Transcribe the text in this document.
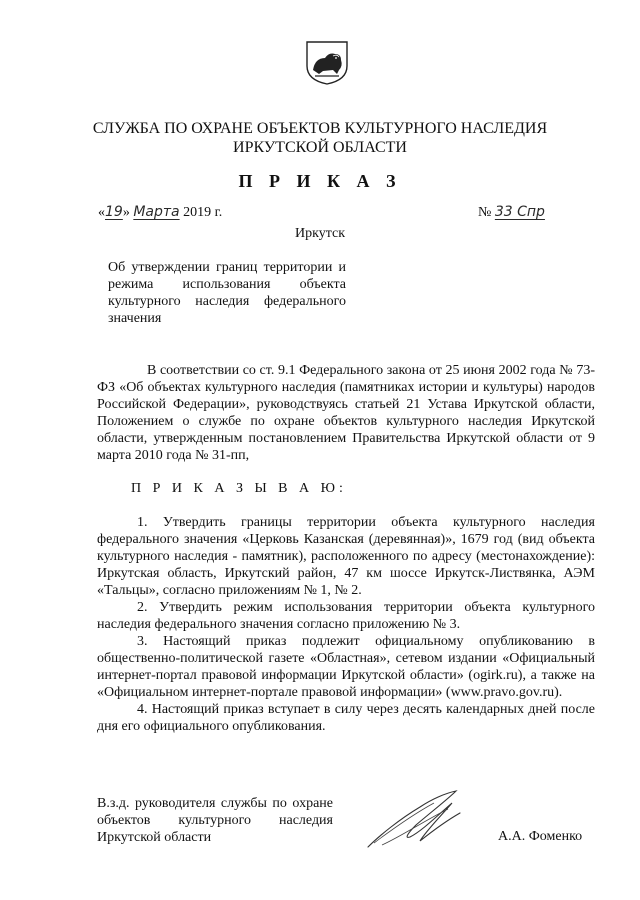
СЛУЖБА ПО ОХРАНЕ ОБЪЕКТОВ КУЛЬТУРНОГО НАСЛЕДИЯ
ИРКУТСКОЙ ОБЛАСТИ
П Р И К А З
«19» Марта 2019 г.	№ 33 Спр
Иркутск
Об утверждении границ территории и режима использования объекта культурного наследия федерального значения

В соответствии со ст. 9.1 Федерального закона от 25 июня 2002 года № 73-ФЗ «Об объектах культурного наследия (памятниках истории и культуры) народов Российской Федерации», руководствуясь статьей 21 Устава Иркутской области, Положением о службе по охране объектов культурного наследия Иркутской области, утвержденным постановлением Правительства Иркутской области от 9 марта 2010 года № 31-пп,

П Р И К А З Ы В А Ю:

1. Утвердить границы территории объекта культурного наследия федерального значения «Церковь Казанская (деревянная)», 1679 год (вид объекта культурного наследия - памятник), расположенного по адресу (местонахождение): Иркутская область, Иркутский район, 47 км шоссе Иркутск-Листвянка, АЭМ «Тальцы», согласно приложениям № 1, № 2.

2. Утвердить режим использования территории объекта культурного наследия федерального значения согласно приложению № 3.

3. Настоящий приказ подлежит официальному опубликованию в общественно-политической газете «Областная», сетевом издании «Официальный интернет-портал правовой информации Иркутской области» (ogirk.ru), а также на «Официальном интернет-портале правовой информации» (www.pravo.gov.ru).

4. Настоящий приказ вступает в силу через десять календарных дней после дня его официального опубликования.

В.з.д. руководителя службы по охране объектов культурного наследия Иркутской области	А.А. Фоменко
